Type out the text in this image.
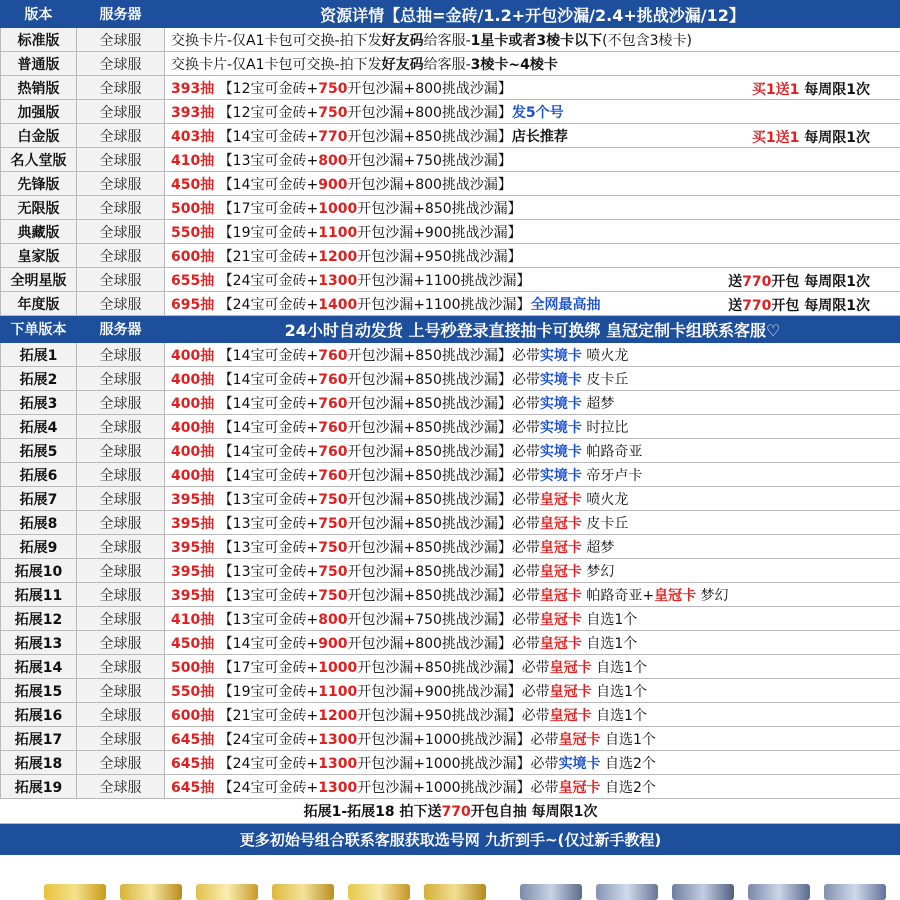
版本	服务器	资源详情【总抽=金砖/1.2+开包沙漏/2.4+挑战沙漏/12】
标准版	全球服	交换卡片-仅A1卡包可交换-拍下发好友码给客服-1星卡或者3棱卡以下(不包含3棱卡)
普通版	全球服	交换卡片-仅A1卡包可交换-拍下发好友码给客服-3棱卡~4棱卡
热销版	全球服	393抽 【12宝可金砖+750开包沙漏+800挑战沙漏】 买1送1 每周限1次

加强版	全球服	393抽 【12宝可金砖+750开包沙漏+800挑战沙漏】发5个号
白金版	全球服	403抽 【14宝可金砖+770开包沙漏+850挑战沙漏】店长推荐 买1送1 每周限1次

名人堂版	全球服	410抽 【13宝可金砖+800开包沙漏+750挑战沙漏】
先锋版	全球服	450抽 【14宝可金砖+900开包沙漏+800挑战沙漏】
无限版	全球服	500抽 【17宝可金砖+1000开包沙漏+850挑战沙漏】
典藏版	全球服	550抽 【19宝可金砖+1100开包沙漏+900挑战沙漏】
皇家版	全球服	600抽 【21宝可金砖+1200开包沙漏+950挑战沙漏】
全明星版	全球服	655抽 【24宝可金砖+1300开包沙漏+1100挑战沙漏】 送770开包 每周限1次

年度版	全球服	695抽 【24宝可金砖+1400开包沙漏+1100挑战沙漏】全网最高抽 送770开包 每周限1次

下单版本	服务器	24小时自动发货 上号秒登录直接抽卡可换绑 皇冠定制卡组联系客服♡
拓展1	全球服	400抽 【14宝可金砖+760开包沙漏+850挑战沙漏】必带实境卡 喷火龙
拓展2	全球服	400抽 【14宝可金砖+760开包沙漏+850挑战沙漏】必带实境卡 皮卡丘
拓展3	全球服	400抽 【14宝可金砖+760开包沙漏+850挑战沙漏】必带实境卡 超梦
拓展4	全球服	400抽 【14宝可金砖+760开包沙漏+850挑战沙漏】必带实境卡 时拉比
拓展5	全球服	400抽 【14宝可金砖+760开包沙漏+850挑战沙漏】必带实境卡 帕路奇亚
拓展6	全球服	400抽 【14宝可金砖+760开包沙漏+850挑战沙漏】必带实境卡 帝牙卢卡
拓展7	全球服	395抽 【13宝可金砖+750开包沙漏+850挑战沙漏】必带皇冠卡 喷火龙
拓展8	全球服	395抽 【13宝可金砖+750开包沙漏+850挑战沙漏】必带皇冠卡 皮卡丘
拓展9	全球服	395抽 【13宝可金砖+750开包沙漏+850挑战沙漏】必带皇冠卡 超梦
拓展10	全球服	395抽 【13宝可金砖+750开包沙漏+850挑战沙漏】必带皇冠卡 梦幻
拓展11	全球服	395抽 【13宝可金砖+750开包沙漏+850挑战沙漏】必带皇冠卡 帕路奇亚+皇冠卡 梦幻
拓展12	全球服	410抽 【13宝可金砖+800开包沙漏+750挑战沙漏】必带皇冠卡 自选1个
拓展13	全球服	450抽 【14宝可金砖+900开包沙漏+800挑战沙漏】必带皇冠卡 自选1个
拓展14	全球服	500抽 【17宝可金砖+1000开包沙漏+850挑战沙漏】必带皇冠卡 自选1个
拓展15	全球服	550抽 【19宝可金砖+1100开包沙漏+900挑战沙漏】必带皇冠卡 自选1个
拓展16	全球服	600抽 【21宝可金砖+1200开包沙漏+950挑战沙漏】必带皇冠卡 自选1个
拓展17	全球服	645抽 【24宝可金砖+1300开包沙漏+1000挑战沙漏】必带皇冠卡 自选1个
拓展18	全球服	645抽 【24宝可金砖+1300开包沙漏+1000挑战沙漏】必带实境卡 自选2个
拓展19	全球服	645抽 【24宝可金砖+1300开包沙漏+1000挑战沙漏】必带皇冠卡 自选2个
拓展1-拓展18 拍下送770开包自抽 每周限1次		
更多初始号组合联系客服获取选号网 九折到手~(仅过新手教程)		
